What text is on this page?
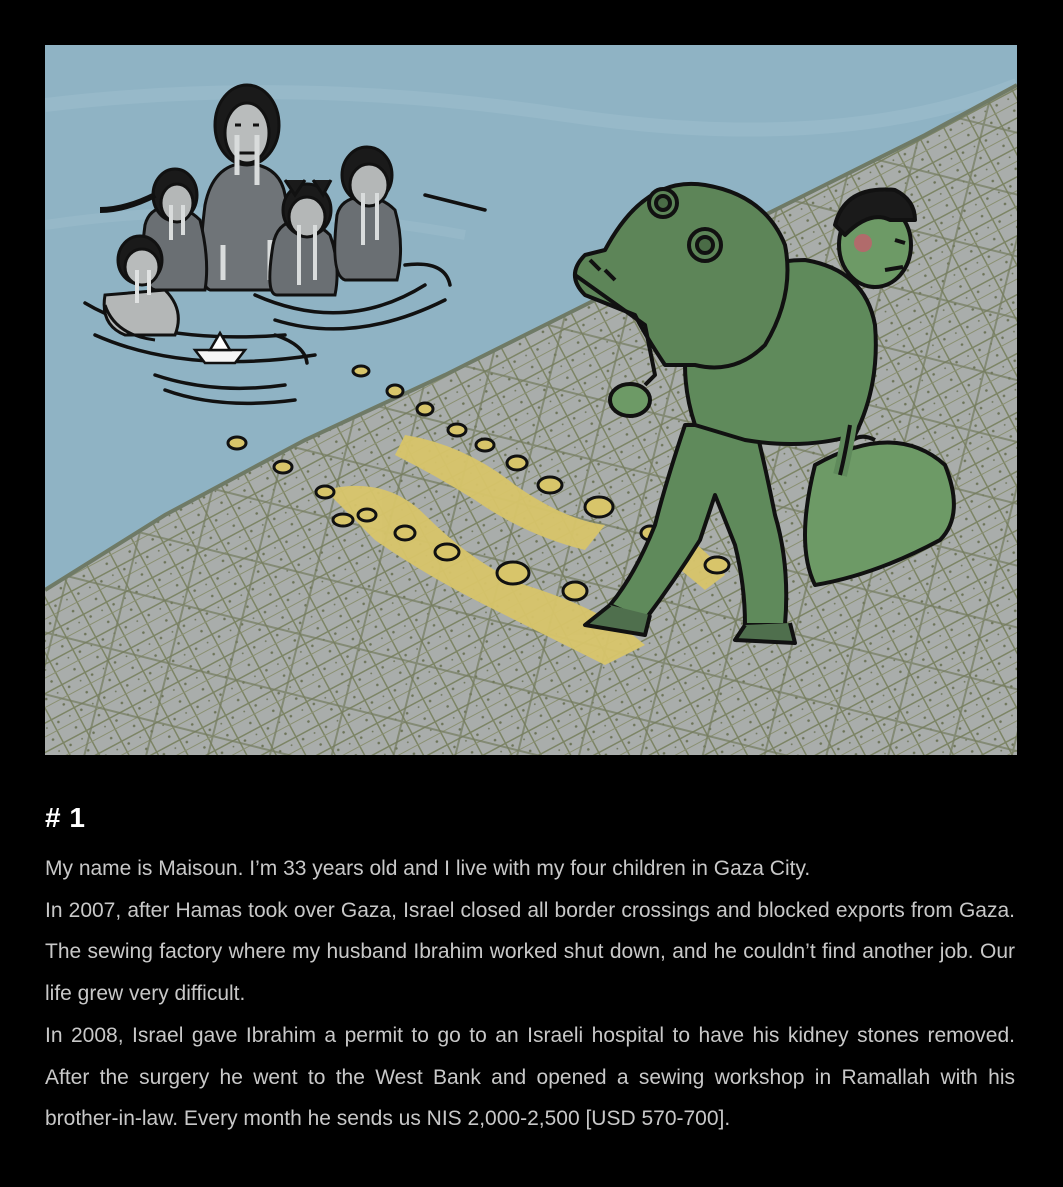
# 1

My name is Maisoun. I’m 33 years old and I live with my four children in Gaza City.

In 2007, after Hamas took over Gaza, Israel closed all border crossings and blocked exports from Gaza. The sewing factory where my husband Ibrahim worked shut down, and he couldn’t find another job. Our life grew very difficult.

In 2008, Israel gave Ibrahim a permit to go to an Israeli hospital to have his kidney stones removed. After the surgery he went to the West Bank and opened a sewing workshop in Ramallah with his brother-in-law. Every month he sends us NIS 2,000-2,500 [USD 570-700].
